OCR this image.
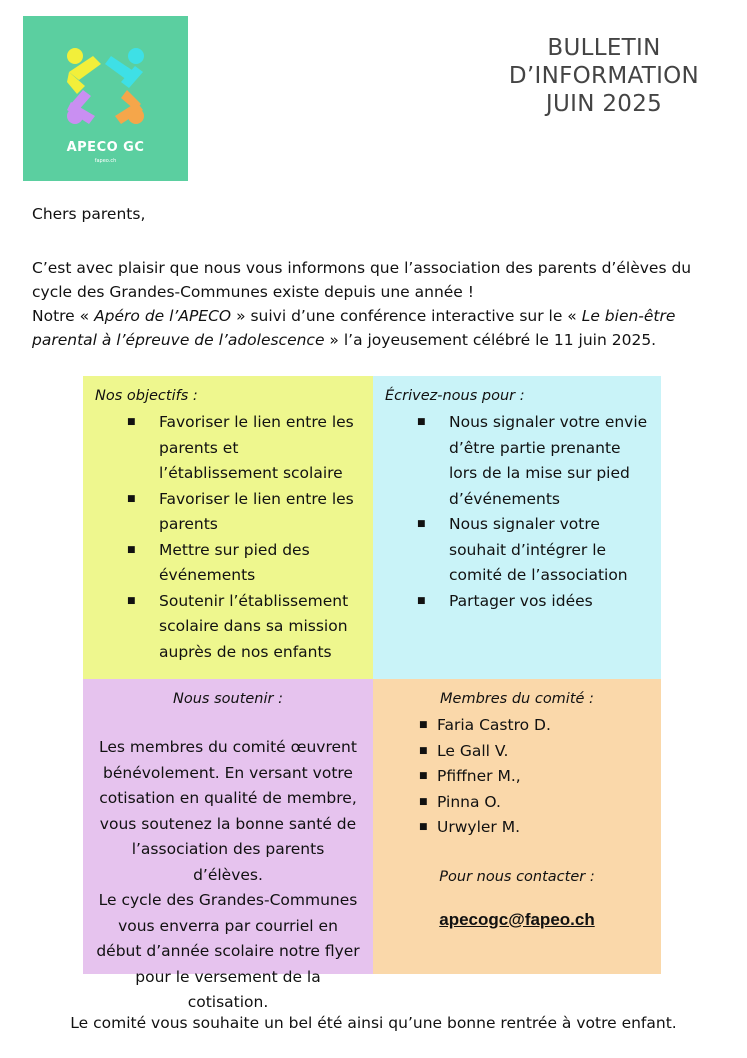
APECO GC
fapeo.ch
BULLETIN
D’INFORMATION
JUIN 2025
Chers parents,
C’est avec plaisir que nous vous informons que l’association des parents d’élèves du cycle des Grandes-Communes existe depuis une année !
Notre « Apéro de l’APECO » suivi d’une conférence interactive sur le « Le bien-être parental à l’épreuve de l’adolescence » l’a joyeusement célébré le 11 juin 2025.
Nos objectifs :
■ Favoriser le lien entre les parents et l’établissement scolaire
■ Favoriser le lien entre les parents
■ Mettre sur pied des événements
■ Soutenir l’établissement scolaire dans sa mission auprès de nos enfants
Écrivez-nous pour :
■ Nous signaler votre envie d’être partie prenante lors de la mise sur pied d’événements
■ Nous signaler votre souhait d’intégrer le comité de l’association
■ Partager vos idées
Nous soutenir :
Les membres du comité œuvrent bénévolement. En versant votre cotisation en qualité de membre, vous soutenez la bonne santé de l’association des parents d’élèves.
Le cycle des Grandes-Communes vous enverra par courriel en début d’année scolaire notre flyer pour le versement de la cotisation.
Membres du comité :
■ Faria Castro D.
■ Le Gall V.
■ Pfiffner M.,
■ Pinna O.
■ Urwyler M.
Pour nous contacter :
apecogc@fapeo.ch
Le comité vous souhaite un bel été ainsi qu’une bonne rentrée à votre enfant.
